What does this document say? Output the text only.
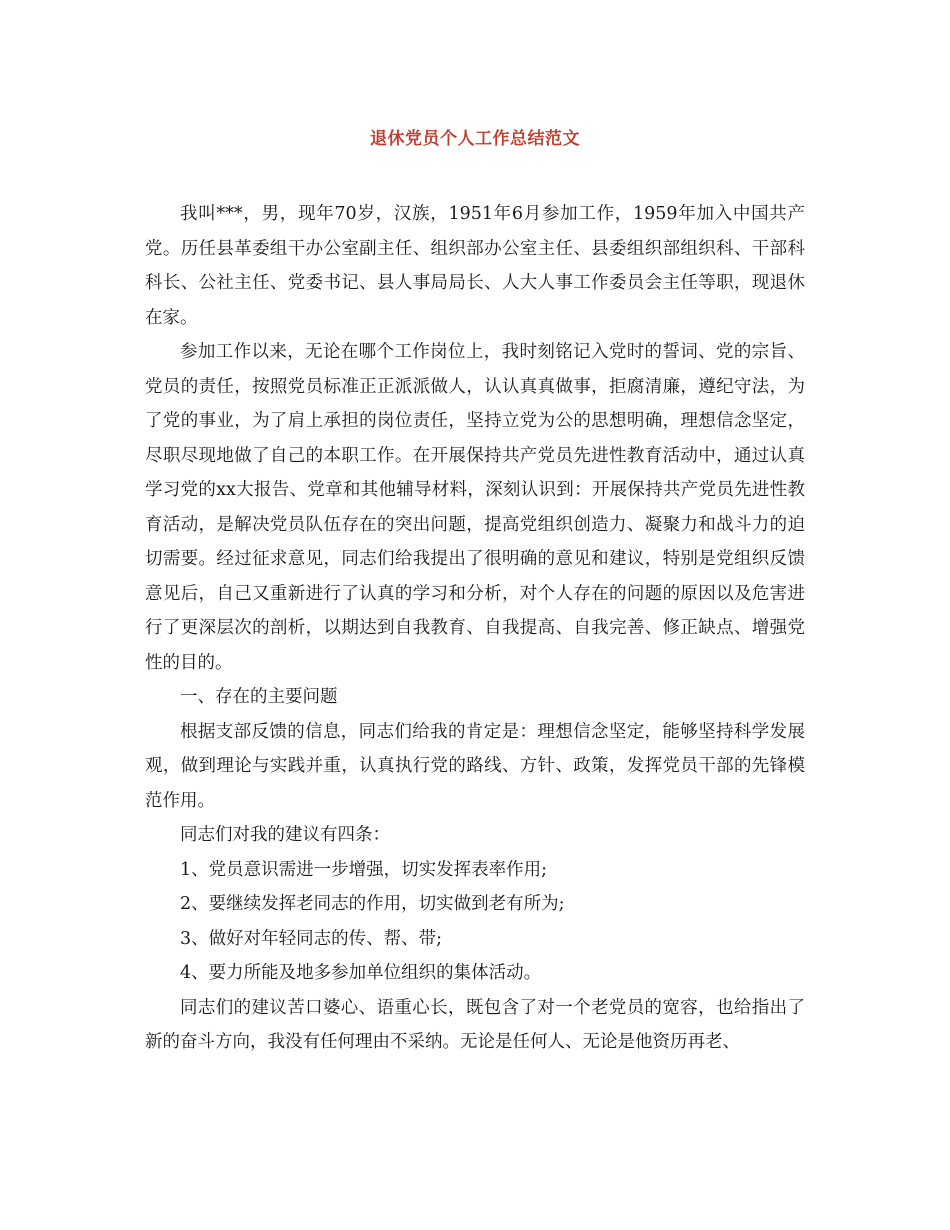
退休党员个人工作总结范文

我叫***，男，现年70岁，汉族，1951年6月参加工作，1959年加入中国共产党。历任县革委组干办公室副主任、组织部办公室主任、县委组织部组织科、干部科科长、公社主任、党委书记、县人事局局长、人大人事工作委员会主任等职，现退休在家。

参加工作以来，无论在哪个工作岗位上，我时刻铭记入党时的誓词、党的宗旨、党员的责任，按照党员标准正正派派做人，认认真真做事，拒腐清廉，遵纪守法，为了党的事业，为了肩上承担的岗位责任，坚持立党为公的思想明确，理想信念坚定，尽职尽现地做了自己的本职工作。在开展保持共产党员先进性教育活动中，通过认真学习党的xx大报告、党章和其他辅导材料，深刻认识到：开展保持共产党员先进性教育活动，是解决党员队伍存在的突出问题，提高党组织创造力、凝聚力和战斗力的迫切需要。经过征求意见，同志们给我提出了很明确的意见和建议，特别是党组织反馈意见后，自己又重新进行了认真的学习和分析，对个人存在的问题的原因以及危害进行了更深层次的剖析，以期达到自我教育、自我提高、自我完善、修正缺点、增强党性的目的。

一、存在的主要问题

根据支部反馈的信息，同志们给我的肯定是：理想信念坚定，能够坚持科学发展观，做到理论与实践并重，认真执行党的路线、方针、政策，发挥党员干部的先锋模范作用。

同志们对我的建议有四条：

1、党员意识需进一步增强，切实发挥表率作用;

2、要继续发挥老同志的作用，切实做到老有所为;

3、做好对年轻同志的传、帮、带;

4、要力所能及地多参加单位组织的集体活动。

同志们的建议苦口婆心、语重心长，既包含了对一个老党员的宽容，也给指出了新的奋斗方向，我没有任何理由不采纳。无论是任何人、无论是他资历再老、
